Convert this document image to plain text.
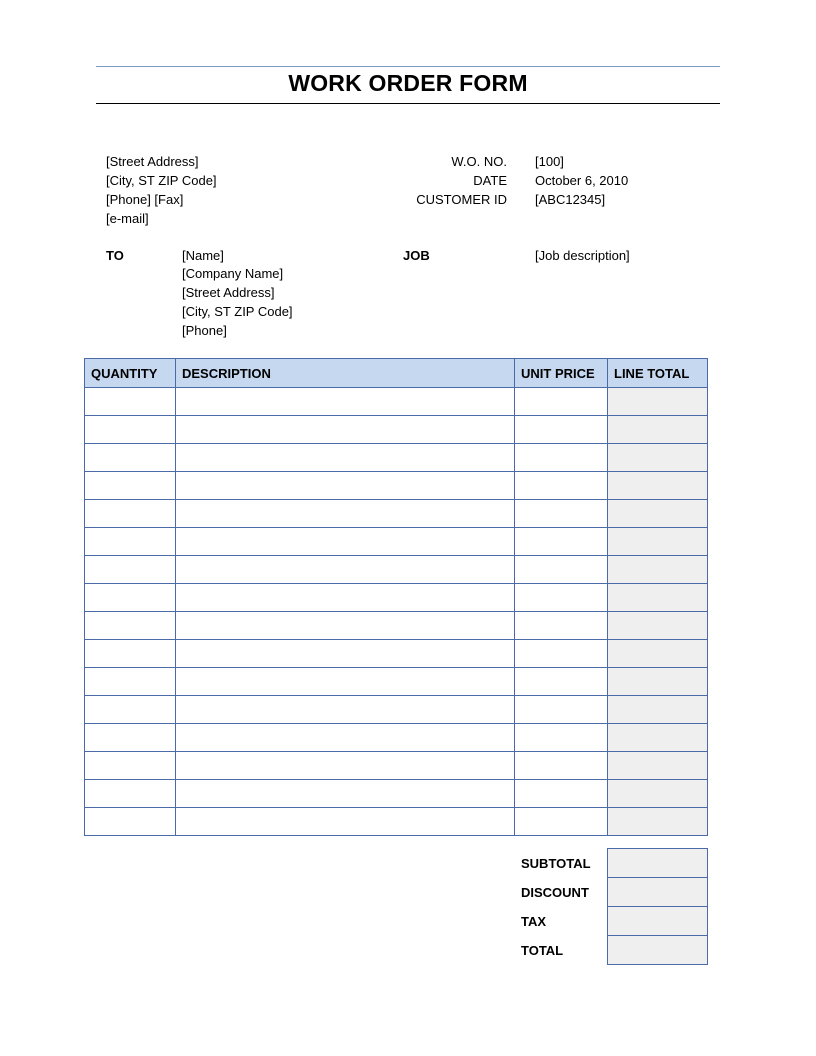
WORK ORDER FORM
[Street Address]
[City, ST ZIP Code]
[Phone] [Fax]
[e-mail]
W.O. NO. [100]
DATE October 6, 2010
CUSTOMER ID [ABC12345]
TO	[Name]
[Company Name]
[Street Address]
[City, ST ZIP Code]
[Phone]
JOB	[Job description]
QUANTITY	DESCRIPTION	UNIT PRICE	LINE TOTAL

SUBTOTAL	
DISCOUNT	
TAX	
TOTAL	
